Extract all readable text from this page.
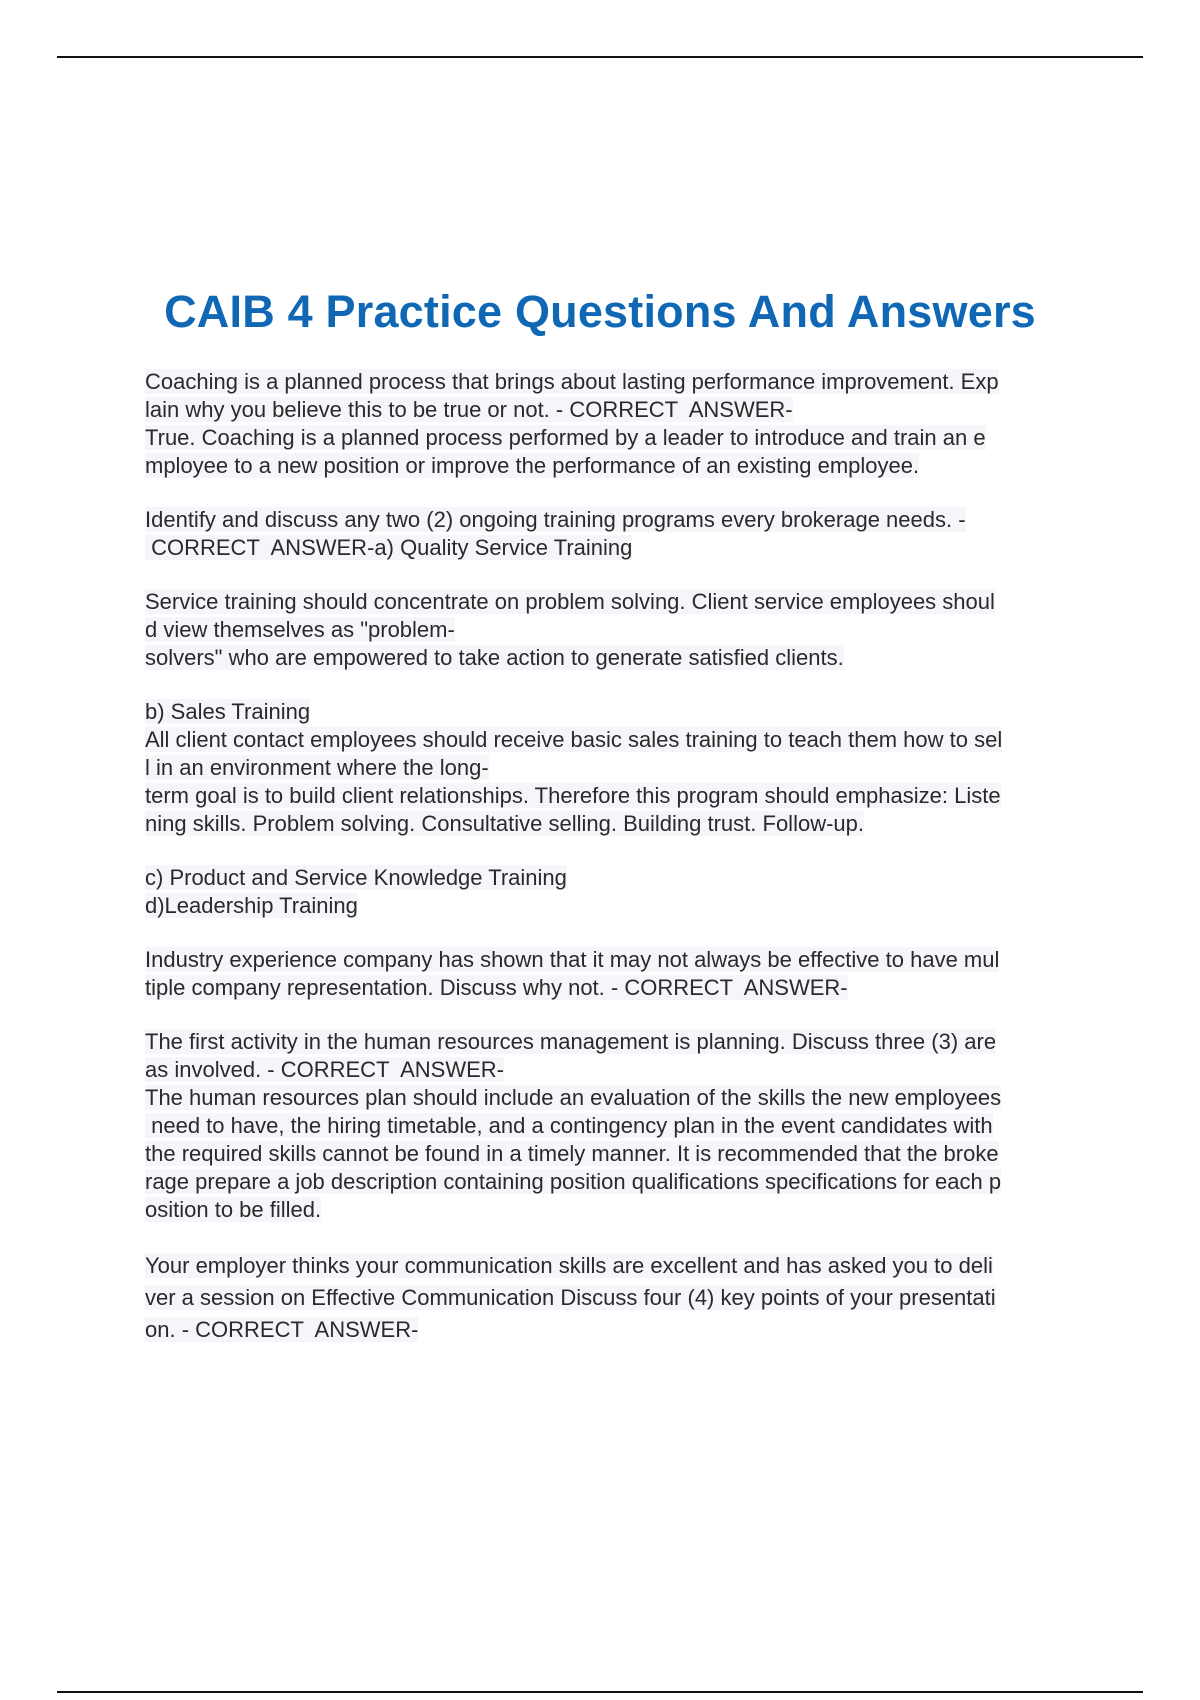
CAIB 4 Practice Questions And Answers
Coaching is a planned process that brings about lasting performance improvement. Exp
lain why you believe this to be true or not. - CORRECT  ANSWER-
True. Coaching is a planned process performed by a leader to introduce and train an e
mployee to a new position or improve the performance of an existing employee.
Identify and discuss any two (2) ongoing training programs every brokerage needs. -
CORRECT  ANSWER-a) Quality Service Training
Service training should concentrate on problem solving. Client service employees shoul
d view themselves as "problem-
solvers" who are empowered to take action to generate satisfied clients.
b) Sales Training
All client contact employees should receive basic sales training to teach them how to sel
l in an environment where the long-
term goal is to build client relationships. Therefore this program should emphasize: Liste
ning skills. Problem solving. Consultative selling. Building trust. Follow-up.
c) Product and Service Knowledge Training
d)Leadership Training
Industry experience company has shown that it may not always be effective to have mul
tiple company representation. Discuss why not. - CORRECT  ANSWER-
The first activity in the human resources management is planning. Discuss three (3) are
as involved. - CORRECT  ANSWER-
The human resources plan should include an evaluation of the skills the new employees
need to have, the hiring timetable, and a contingency plan in the event candidates with
the required skills cannot be found in a timely manner. It is recommended that the broke
rage prepare a job description containing position qualifications specifications for each p
osition to be filled.
Your employer thinks your communication skills are excellent and has asked you to deli
ver a session on Effective Communication Discuss four (4) key points of your presentati
on. - CORRECT  ANSWER-
